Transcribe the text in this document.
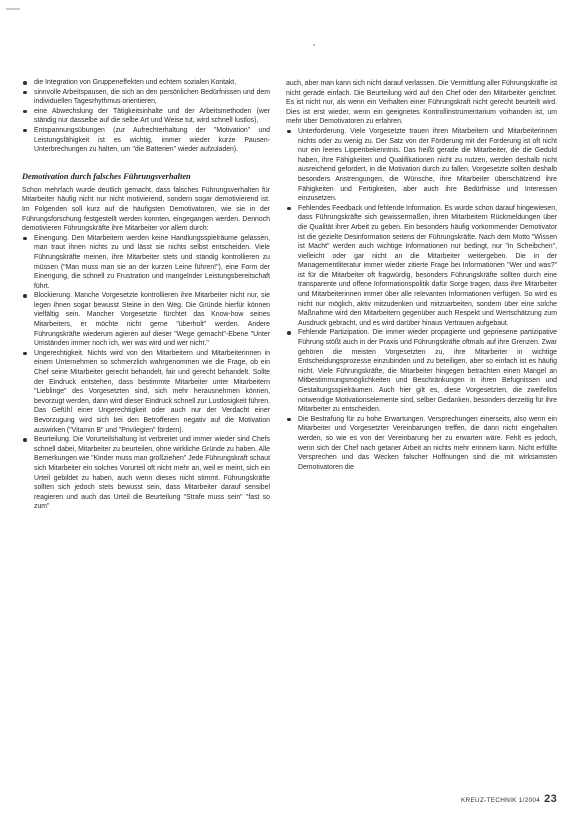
die Integration von Gruppeneffekten und echtem sozialen Kontakt,
sinnvolle Arbeitspausen, die sich an den persönlichen Bedürfnissen und dem individuellen Tagesrhythmus orientieren,
eine Abwechslung der Tätigkeitsinhalte und der Arbeitsmethoden (wer ständig nur dasselbe auf die selbe Art und Weise tut, wird schnell lustlos),
Entspannungsübungen (zur Aufrechterhaltung der "Motivation" und Leistungsfähigkeit ist es wichtig, immer wieder kurze Pausen-Unterbrechungen zu halten, um "die Batterien" wieder aufzuladen).
Demotivation durch falsches Führungsverhalten

Schon mehrfach wurde deutlich gemacht, dass falsches Führungsverhalten für Mitarbeiter häufig nicht nur nicht motivierend, sondern sogar demotivierend ist. Im Folgenden soll kurz auf die häufigsten Demotivatoren, wie sie in der Führungsforschung festgestellt werden konnten, eingegangen werden. Dennoch demotivieren Führungskräfte ihre Mitarbeiter vor allem durch:

Einengung. Den Mitarbeitern werden keine Handlungsspielräume gelassen, man traut ihnen nichts zu und lässt sie nichts selbst entscheiden. Viele Führungskräfte meinen, ihre Mitarbeiter stets und ständig kontrollieren zu müssen ("Man muss man sie an der kurzen Leine führen!"), eine Form der Einengung, die schnell zu Frustration und mangelnder Leistungsbereitschaft führt.
Blockierung. Manche Vorgesetzte kontrollieren ihre Mitarbeiter nicht nur, sie legen ihnen sogar bewusst Steine in den Weg. Die Gründe hierfür können vielfältig sein. Mancher Vorgesetzte fürchtet das Know-how seines Mitarbeiters, er möchte nicht gerne "überholt" werden. Andere Führungskräfte wiederum agieren auf dieser "Wege gemacht"-Ebene "Unter Umständen immer noch ich, wer was wird und wer nicht."
Ungerechtigkeit. Nichts wird von den Mitarbeitern und Mitarbeiterinnen in einem Unternehmen so schmerzlich wahrgenommen wie die Frage, ob ein Chef seine Mitarbeiter gerecht behandelt, fair und gerecht behandelt. Sollte der Eindruck entstehen, dass bestimmte Mitarbeiter unter Mitarbeitern "Lieblinge" des Vorgesetzten sind, sich mehr herausnehmen können, bevorzugt werden, dann wird dieser Eindruck schnell zur Lustlosigkeit führen. Das Gefühl einer Ungerechtigkeit oder auch nur der Verdacht einer Bevorzugung wird sich bei den Betroffenen negativ auf die Motivation auswirken ("Vitamin B" und "Privilegien" fördern).
Beurteilung. Die Vorurteilshaltung ist verbreitet und immer wieder sind Chefs schnell dabei, Mitarbeiter zu beurteilen, ohne wirkliche Gründe zu haben. Alle Bemerkungen wie "Kinder muss man großziehen" Jede Führungskraft schaut sich Mitarbeiter ein solches Vorurteil oft nicht mehr an, weil er meint, sich ein Urteil gebildet zu haben, auch wenn dieses nicht stimmt. Führungskräfte sollten sich jedoch stets bewusst sein, dass Mitarbeiter darauf sensibel reagieren und auch das Urteil die Beurteilung "Strafe muss sein" "fast so zum"

auch, aber man kann sich nicht darauf verlassen. Die Vermittlung aller Führungskräfte ist nicht gerade einfach. Die Beurteilung wird auf den Chef oder den Mitarbeiter gerichtet. Es ist nicht nur, als wenn ein Verhalten einer Führungskraft nicht gerecht beurteilt wird. Dies ist erst wieder, wenn ein geeignetes Kontrollinstrumentarium vorhanden ist, um mehr über Demotivatoren zu erfahren.

Unterforderung. Viele Vorgesetzte trauen ihren Mitarbeitern und Mitarbeiterinnen nichts oder zu wenig zu. Der Satz von der Förderung mit der Forderung ist oft nicht nur ein leeres Lippenbekenntnis. Das heißt gerade die Mitarbeiter, die die Geduld haben, ihre Fähigkeiten und Qualifikationen nicht zu nutzen, werden deshalb nicht ausreichend gefordert, in die Motivation durch zu fallen. Vorgesetzte sollten deshalb besonders Anstrengungen, die Wünsche, ihre Mitarbeiter überschätzend ihre Fähigkeiten und Fertigkeiten, aber auch ihre Bedürfnisse und Interessen einzusetzen.
Fehlendes Feedback und fehlende Information. Es wurde schon darauf hingewiesen, dass Führungskräfte sich gewissermaßen, ihren Mitarbeitern Rückmeldungen über die Qualität ihrer Arbeit zu geben. Ein besonders häufig vorkommender Demotivator ist die gezielte Desinformation seitens der Führungskräfte. Nach dem Motto "Wissen ist Macht" werden auch wichtige Informationen nur bedingt, nur "in Scheibchen", vielleicht oder gar nicht an die Mitarbeiter weitergeben. Die in der Managementliteratur immer wieder zitierte Frage bei Informationen "Wer und was?" ist für die Mitarbeiter oft fragwürdig, besonders Führungskräfte sollten durch eine transparente und offene Informationspolitik dafür Sorge tragen, dass ihre Mitarbeiter und Mitarbeiterinnen immer über alle relevanten Informationen verfügen. So wird es nicht nur möglich, aktiv mitzudenken und mitzuarbeiten, sondern über eine solche Maßnahme wird den Mitarbeitern gegenüber auch Respekt und Wertschätzung zum Ausdruck gebracht, und es wird darüber hinaus Vertrauen aufgebaut.
Fehlende Partizipation. Die immer wieder propagierte und gepriesene partizipative Führung stößt auch in der Praxis und Führungskräfte oftmals auf ihre Grenzen. Zwar gehören die meisten Vorgesetzten zu, ihre Mitarbeiter in wichtige Entscheidungsprozesse einzubinden und zu beteiligen, aber so einfach ist es häufig nicht. Viele Führungskräfte, die Mitarbeiter hingegen betrachten einen Mangel an Mitbestimmungsmöglichkeiten und Beschränkungen in ihren Befugnissen und Gestaltungsspielräumen. Auch hier gilt es, diese Vorgesetzten, die zweifellos notwendige Motivationselemente sind, selber Gedanken, besonders derzeitig für ihre Mitarbeiter zu entscheiden.
Die Bestrafung für zu hohe Erwartungen. Versprechungen einerseits, also wenn ein Mitarbeiter und Vorgesetzter Vereinbarungen treffen, die dann nicht eingehalten werden, so wie es von der Vereinbarung her zu erwarten wäre. Fehlt es jedoch, wenn sich der Chef nach getaner Arbeit an nichts mehr erinnern kann. Nicht erfüllte Versprechen und das Wecken falscher Hoffnungen sind die mit wirksamsten Demotivatoren die
KREUZ-TECHNIK 1/2004 23
